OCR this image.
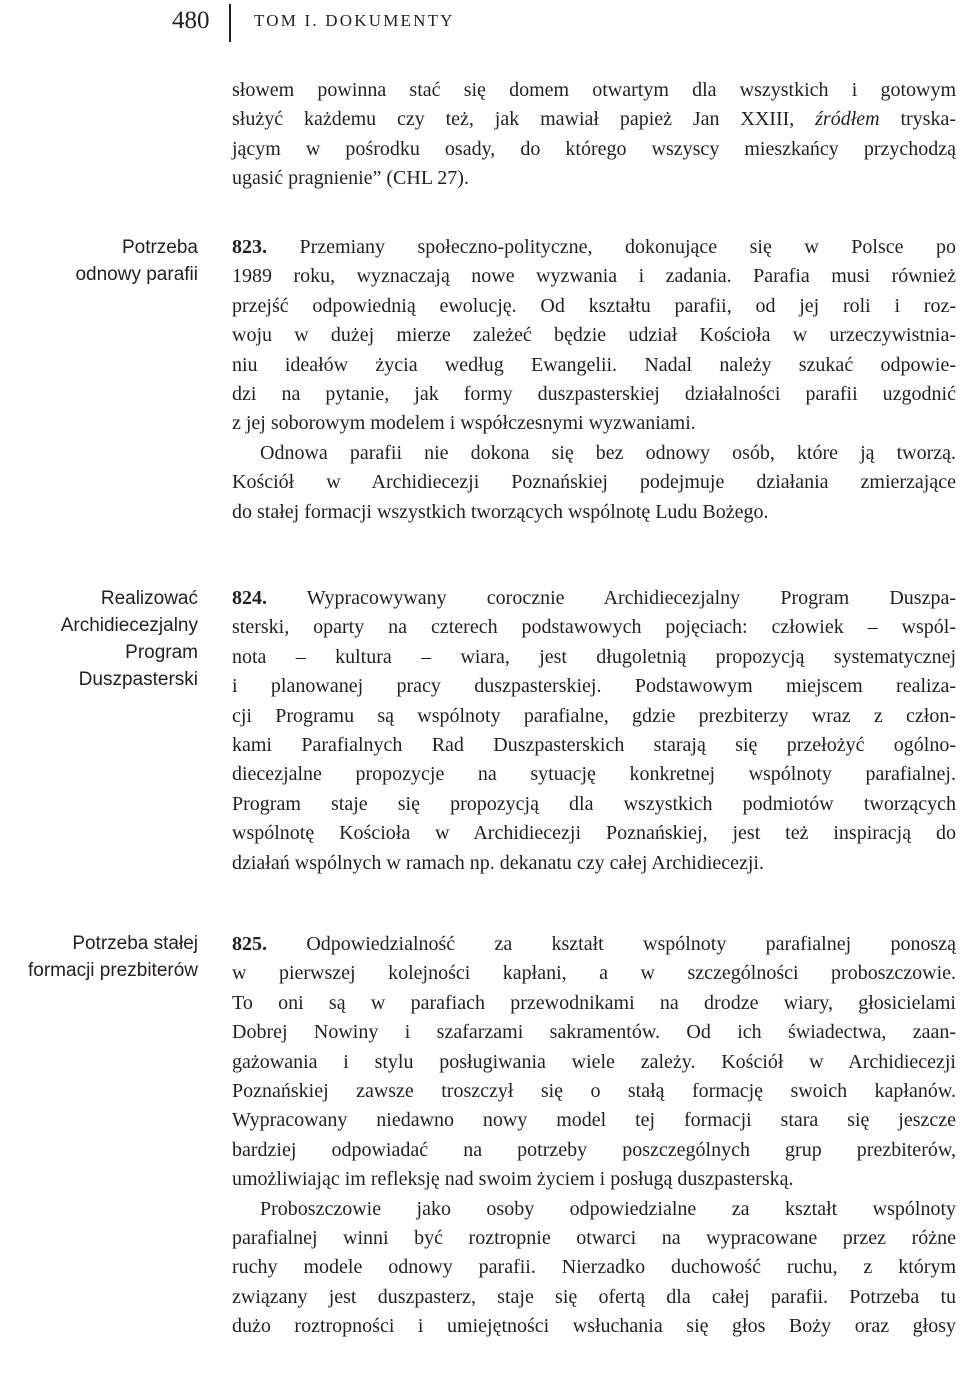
480	TOM I. DOKUMENTY
Potrzeba
odnowy parafii
Realizować
Archidiecezjalny
Program
Duszpasterski
Potrzeba stałej
formacji prezbiterów

słowem powinna stać się domem otwartym dla wszystkich i gotowym

służyć każdemu czy też, jak mawiał papież Jan XXIII, źródłem tryska-

jącym w pośrodku osady, do którego wszyscy mieszkańcy przychodzą

ugasić pragnienie” (CHL 27).

823. Przemiany społeczno-polityczne, dokonujące się w Polsce po

1989 roku, wyznaczają nowe wyzwania i zadania. Parafia musi również

przejść odpowiednią ewolucję. Od kształtu parafii, od jej roli i roz-

woju w dużej mierze zależeć będzie udział Kościoła w urzeczywistnia-

niu ideałów życia według Ewangelii. Nadal należy szukać odpowie-

dzi na pytanie, jak formy duszpasterskiej działalności parafii uzgodnić

z jej soborowym modelem i współczesnymi wyzwaniami.

Odnowa parafii nie dokona się bez odnowy osób, które ją tworzą.

Kościół w Archidiecezji Poznańskiej podejmuje działania zmierzające

do stałej formacji wszystkich tworzących wspólnotę Ludu Bożego.

824. Wypracowywany corocznie Archidiecezjalny Program Duszpa-

sterski, oparty na czterech podstawowych pojęciach: człowiek – wspól-

nota – kultura – wiara, jest długoletnią propozycją systematycznej

i planowanej pracy duszpasterskiej. Podstawowym miejscem realiza-

cji Programu są wspólnoty parafialne, gdzie prezbiterzy wraz z człon-

kami Parafialnych Rad Duszpasterskich starają się przełożyć ogólno-

diecezjalne propozycje na sytuację konkretnej wspólnoty parafialnej.

Program staje się propozycją dla wszystkich podmiotów tworzących

wspólnotę Kościoła w Archidiecezji Poznańskiej, jest też inspiracją do

działań wspólnych w ramach np. dekanatu czy całej Archidiecezji.

825. Odpowiedzialność za kształt wspólnoty parafialnej ponoszą

w pierwszej kolejności kapłani, a w szczególności proboszczowie.

To oni są w parafiach przewodnikami na drodze wiary, głosicielami

Dobrej Nowiny i szafarzami sakramentów. Od ich świadectwa, zaan-

gażowania i stylu posługiwania wiele zależy. Kościół w Archidiecezji

Poznańskiej zawsze troszczył się o stałą formację swoich kapłanów.

Wypracowany niedawno nowy model tej formacji stara się jeszcze

bardziej odpowiadać na potrzeby poszczególnych grup prezbiterów,

umożliwiając im refleksję nad swoim życiem i posługą duszpasterską.

Proboszczowie jako osoby odpowiedzialne za kształt wspólnoty

parafialnej winni być roztropnie otwarci na wypracowane przez różne

ruchy modele odnowy parafii. Nierzadko duchowość ruchu, z którym

związany jest duszpasterz, staje się ofertą dla całej parafii. Potrzeba tu

dużo roztropności i umiejętności wsłuchania się głos Boży oraz głosy
